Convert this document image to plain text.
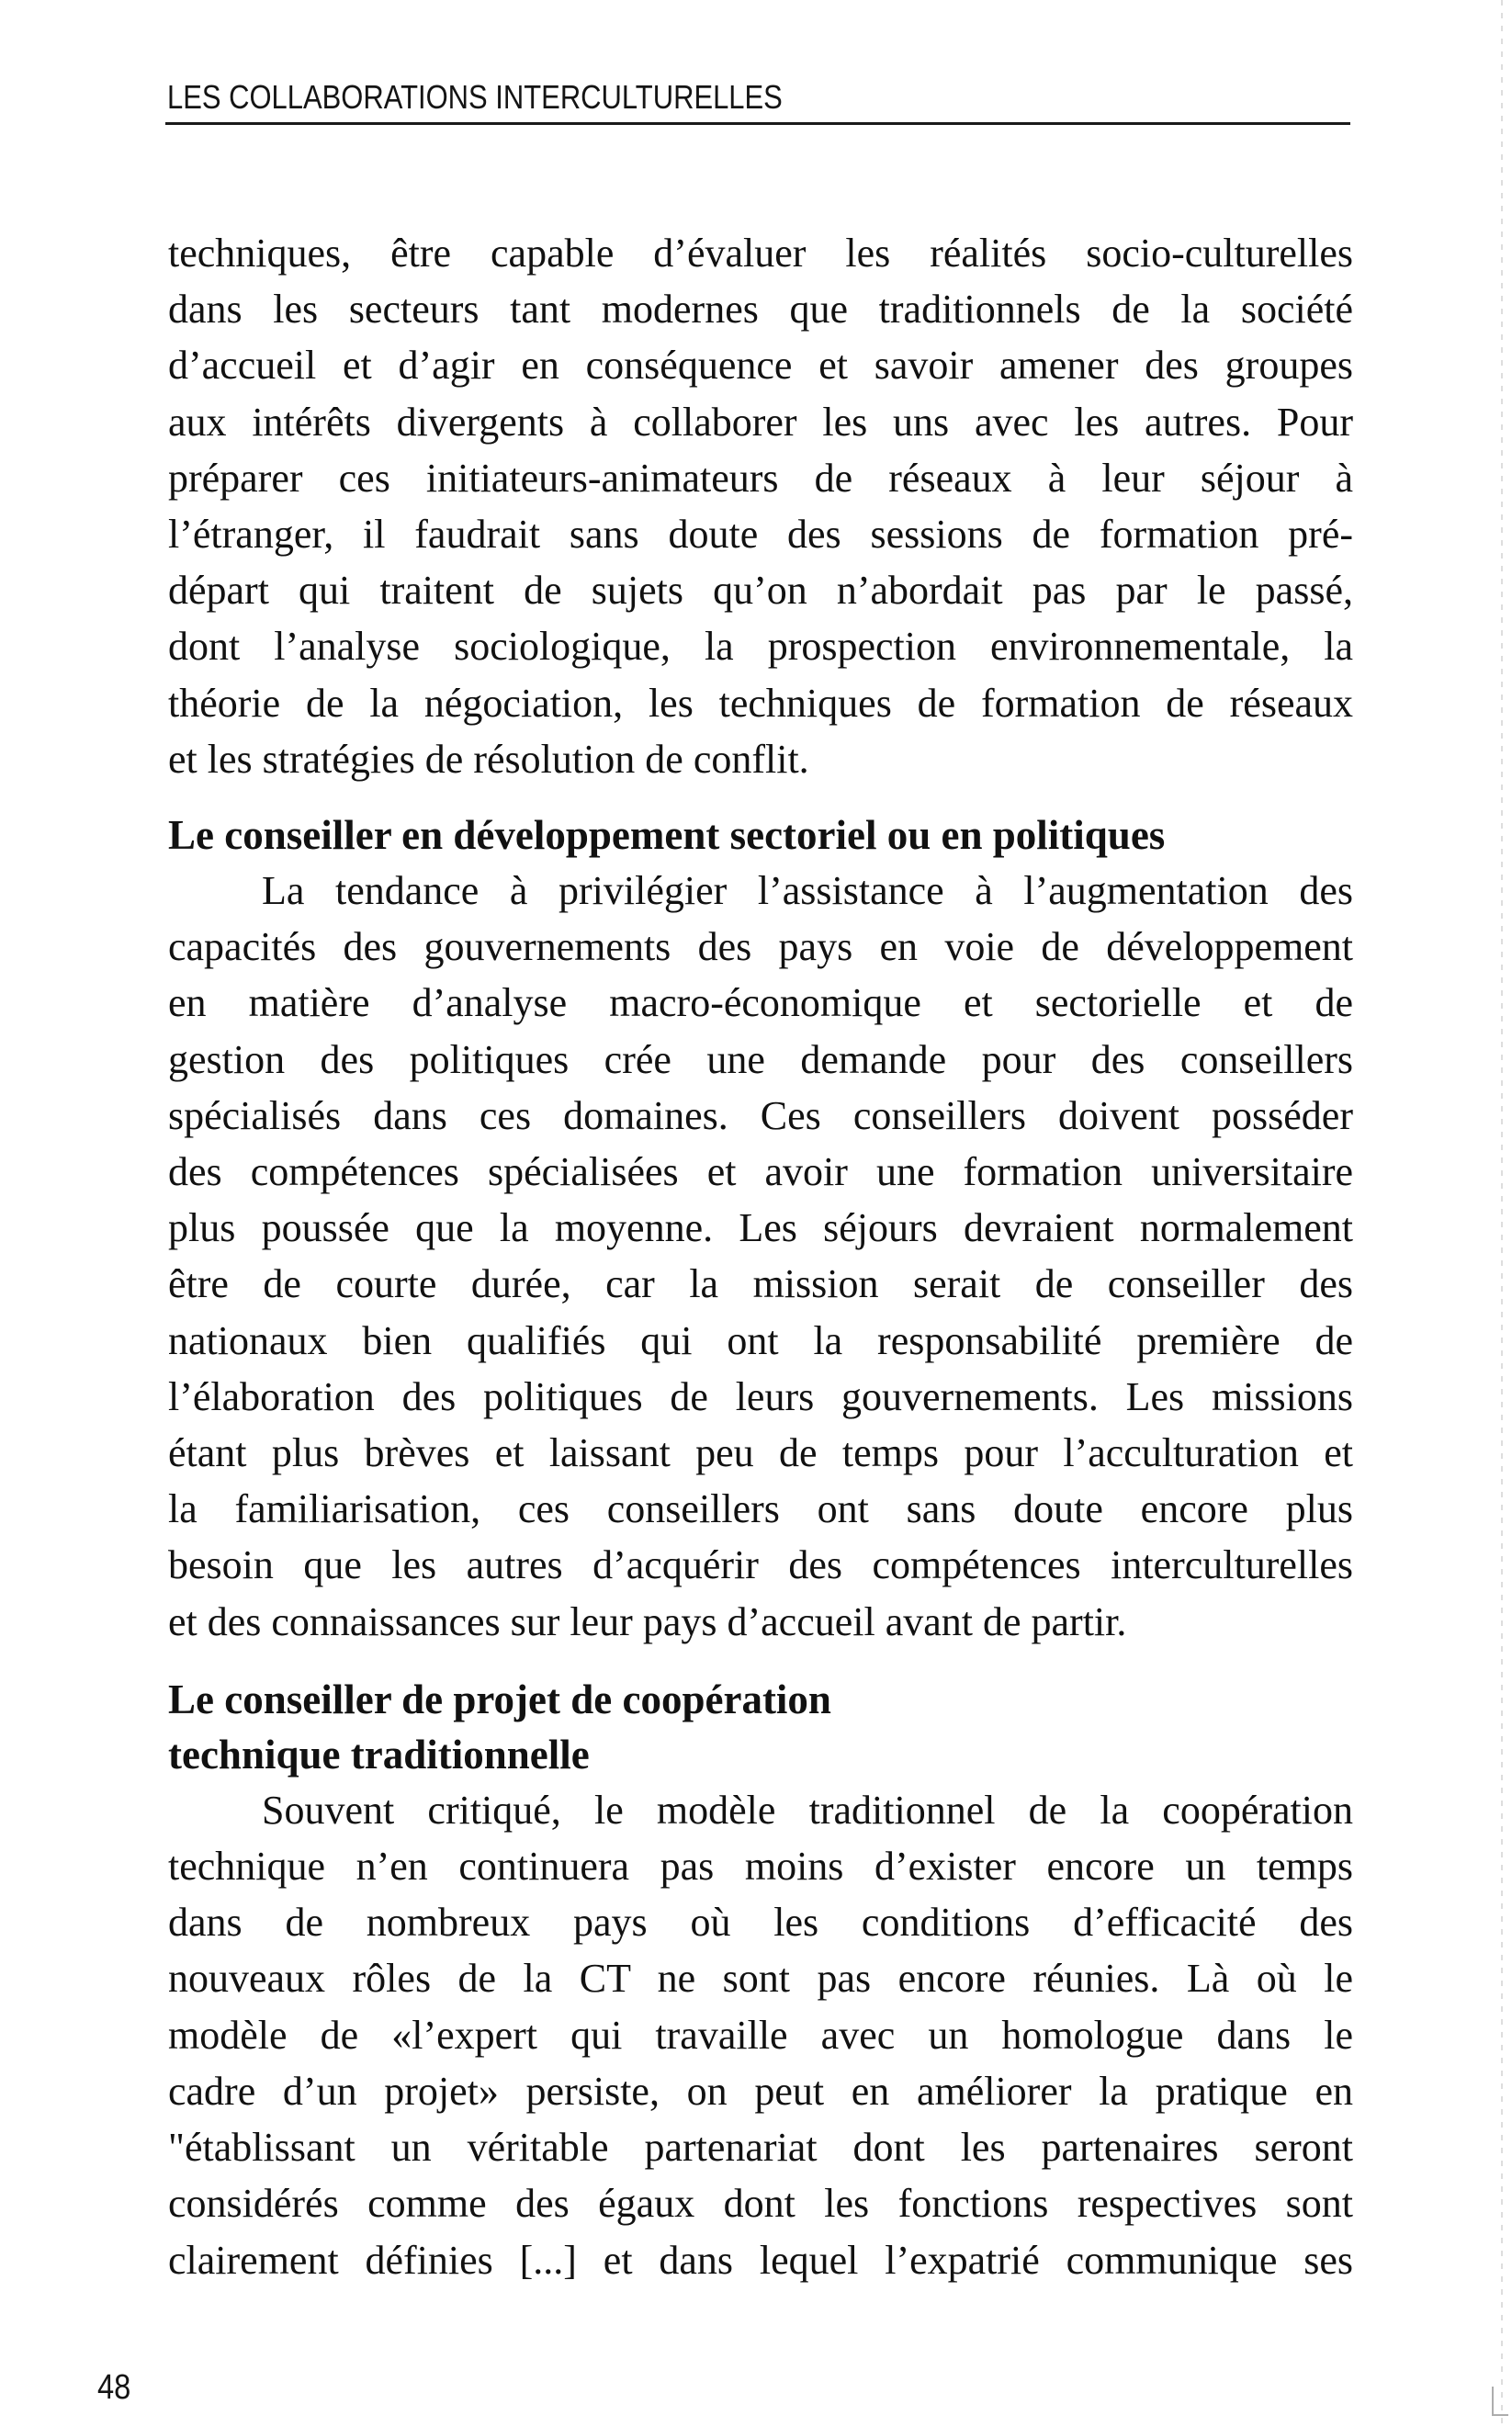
LES COLLABORATIONS INTERCULTURELLES
techniques, être capable d’évaluer les réalités socio-culturelles
dans les secteurs tant modernes que traditionnels de la société
d’accueil et d’agir en conséquence et savoir amener des groupes
aux intérêts divergents à collaborer les uns avec les autres. Pour
préparer ces initiateurs-animateurs de réseaux à leur séjour à
l’étranger, il faudrait sans doute des sessions de formation pré-
départ qui traitent de sujets qu’on n’abordait pas par le passé,
dont l’analyse sociologique, la prospection environnementale, la
théorie de la négociation, les techniques de formation de réseaux
et les stratégies de résolution de conflit.
Le conseiller en développement sectoriel ou en politiques
La tendance à privilégier l’assistance à l’augmentation des
capacités des gouvernements des pays en voie de développement
en matière d’analyse macro-économique et sectorielle et de
gestion des politiques crée une demande pour des conseillers
spécialisés dans ces domaines. Ces conseillers doivent posséder
des compétences spécialisées et avoir une formation universitaire
plus poussée que la moyenne. Les séjours devraient normalement
être de courte durée, car la mission serait de conseiller des
nationaux bien qualifiés qui ont la responsabilité première de
l’élaboration des politiques de leurs gouvernements. Les missions
étant plus brèves et laissant peu de temps pour l’acculturation et
la familiarisation, ces conseillers ont sans doute encore plus
besoin que les autres d’acquérir des compétences interculturelles
et des connaissances sur leur pays d’accueil avant de partir.
Le conseiller de projet de coopération
technique traditionnelle
Souvent critiqué, le modèle traditionnel de la coopération
technique n’en continuera pas moins d’exister encore un temps
dans de nombreux pays où les conditions d’efficacité des
nouveaux rôles de la CT ne sont pas encore réunies. Là où le
modèle de «l’expert qui travaille avec un homologue dans le
cadre d’un projet» persiste, on peut en améliorer la pratique en
"établissant un véritable partenariat dont les partenaires seront
considérés comme des égaux dont les fonctions respectives sont
clairement définies [...] et dans lequel l’expatrié communique ses
48
